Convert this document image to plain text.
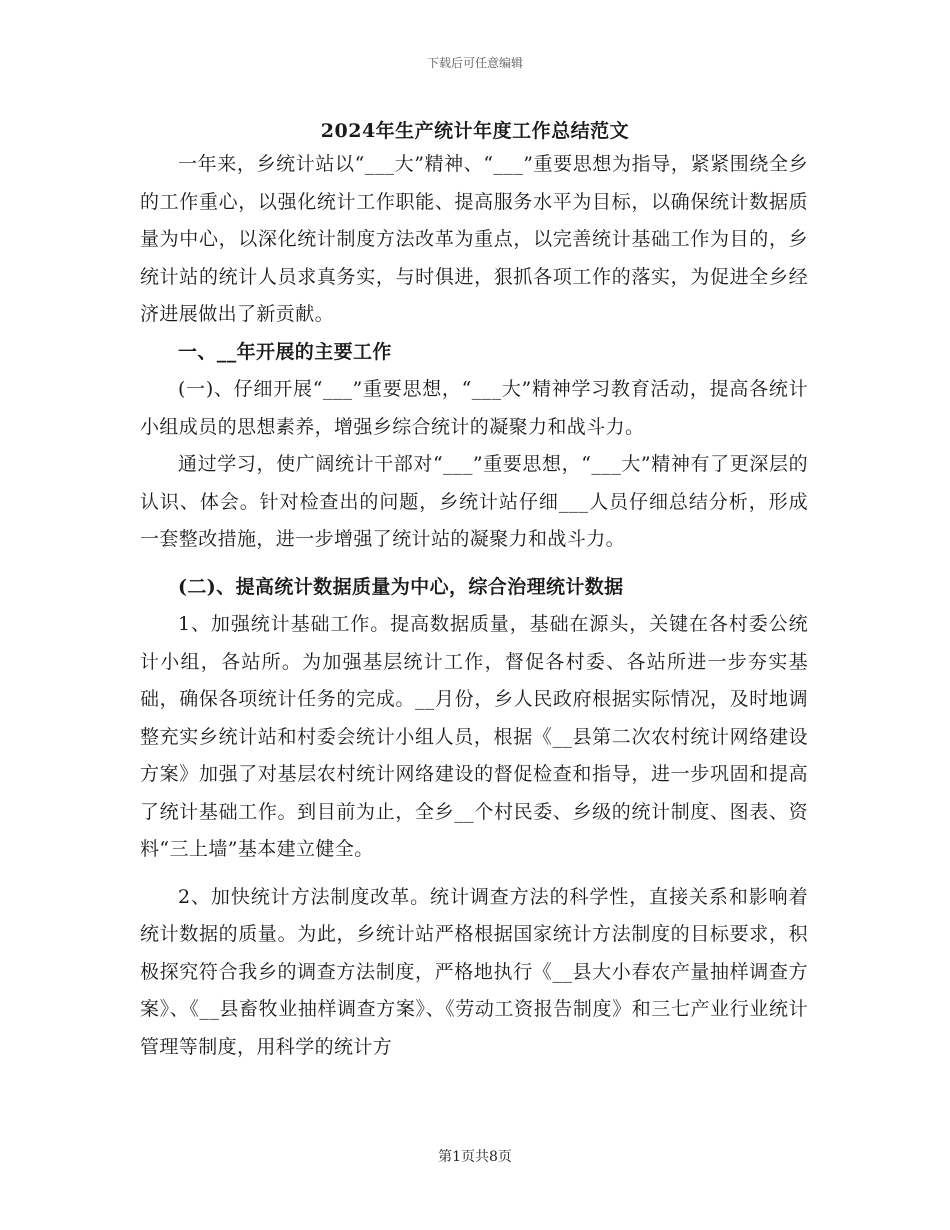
下载后可任意编辑
2024年生产统计年度工作总结范文

一年来，乡统计站以“___大”精神、“___”重要思想为指导，紧紧围绕全乡的工作重心，以强化统计工作职能、提高服务水平为目标，以确保统计数据质量为中心，以深化统计制度方法改革为重点，以完善统计基础工作为目的，乡统计站的统计人员求真务实，与时俱进，狠抓各项工作的落实，为促进全乡经济进展做出了新贡献。

一、__年开展的主要工作

(一)、仔细开展“___”重要思想，“___大”精神学习教育活动，提高各统计小组成员的思想素养，增强乡综合统计的凝聚力和战斗力。

通过学习，使广阔统计干部对“___”重要思想，“___大”精神有了更深层的认识、体会。针对检查出的问题，乡统计站仔细___人员仔细总结分析，形成一套整改措施，进一步增强了统计站的凝聚力和战斗力。

(二)、提高统计数据质量为中心，综合治理统计数据

1、加强统计基础工作。提高数据质量，基础在源头，关键在各村委公统计小组，各站所。为加强基层统计工作，督促各村委、各站所进一步夯实基础，确保各项统计任务的完成。__月份，乡人民政府根据实际情况，及时地调整充实乡统计站和村委会统计小组人员，根据《__县第二次农村统计网络建设方案》加强了对基层农村统计网络建设的督促检查和指导，进一步巩固和提高了统计基础工作。到目前为止，全乡__个村民委、乡级的统计制度、图表、资料“三上墙”基本建立健全。

2、加快统计方法制度改革。统计调查方法的科学性，直接关系和影响着统计数据的质量。为此，乡统计站严格根据国家统计方法制度的目标要求，积极探究符合我乡的调查方法制度，严格地执行《__县大小春农产量抽样调查方案》、《__县畜牧业抽样调查方案》、《劳动工资报告制度》和三七产业行业统计管理等制度，用科学的统计方

第1页共8页
